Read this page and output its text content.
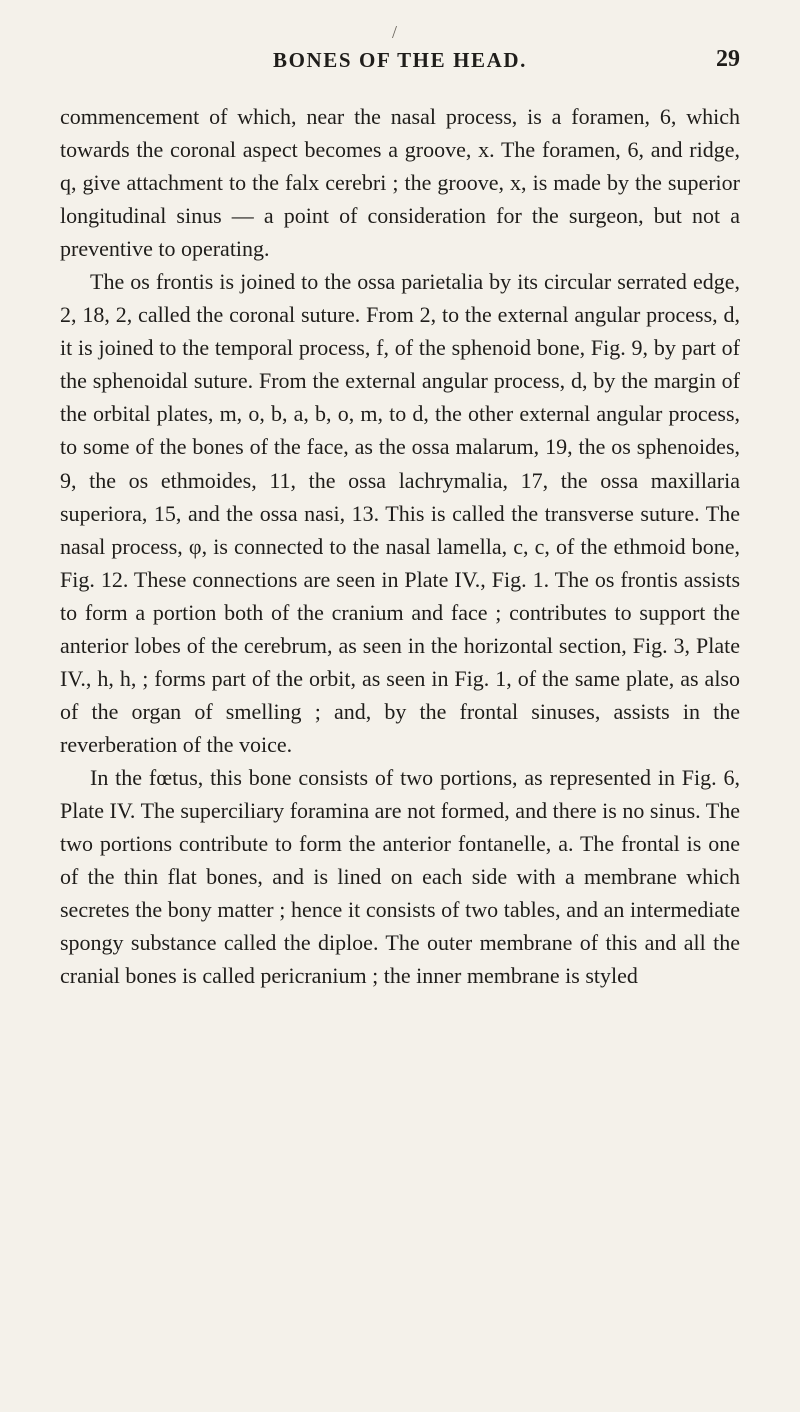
/
BONES OF THE HEAD.	29

commencement of which, near the nasal process, is a foramen, 6, which towards the coronal aspect becomes a groove, x. The foramen, 6, and ridge, q, give attachment to the falx cerebri ; the groove, x, is made by the superior longitudinal sinus — a point of consideration for the surgeon, but not a preventive to operating.

The os frontis is joined to the ossa parietalia by its circular serrated edge, 2, 18, 2, called the coronal suture. From 2, to the external angular process, d, it is joined to the temporal process, f, of the sphenoid bone, Fig. 9, by part of the sphenoidal suture. From the external angular process, d, by the margin of the orbital plates, m, o, b, a, b, o, m, to d, the other external angular process, to some of the bones of the face, as the ossa malarum, 19, the os sphenoides, 9, the os ethmoides, 11, the ossa lachrymalia, 17, the ossa maxillaria superiora, 15, and the ossa nasi, 13. This is called the transverse suture. The nasal process, φ, is connected to the nasal lamella, c, c, of the ethmoid bone, Fig. 12. These connections are seen in Plate IV., Fig. 1. The os frontis assists to form a portion both of the cranium and face ; contributes to support the anterior lobes of the cerebrum, as seen in the horizontal section, Fig. 3, Plate IV., h, h, ; forms part of the orbit, as seen in Fig. 1, of the same plate, as also of the organ of smelling ; and, by the frontal sinuses, assists in the reverberation of the voice.

In the fœtus, this bone consists of two portions, as represented in Fig. 6, Plate IV. The superciliary foramina are not formed, and there is no sinus. The two portions contribute to form the anterior fontanelle, a. The frontal is one of the thin flat bones, and is lined on each side with a membrane which secretes the bony matter ; hence it consists of two tables, and an intermediate spongy substance called the diploe. The outer membrane of this and all the cranial bones is called pericranium ; the inner membrane is styled
